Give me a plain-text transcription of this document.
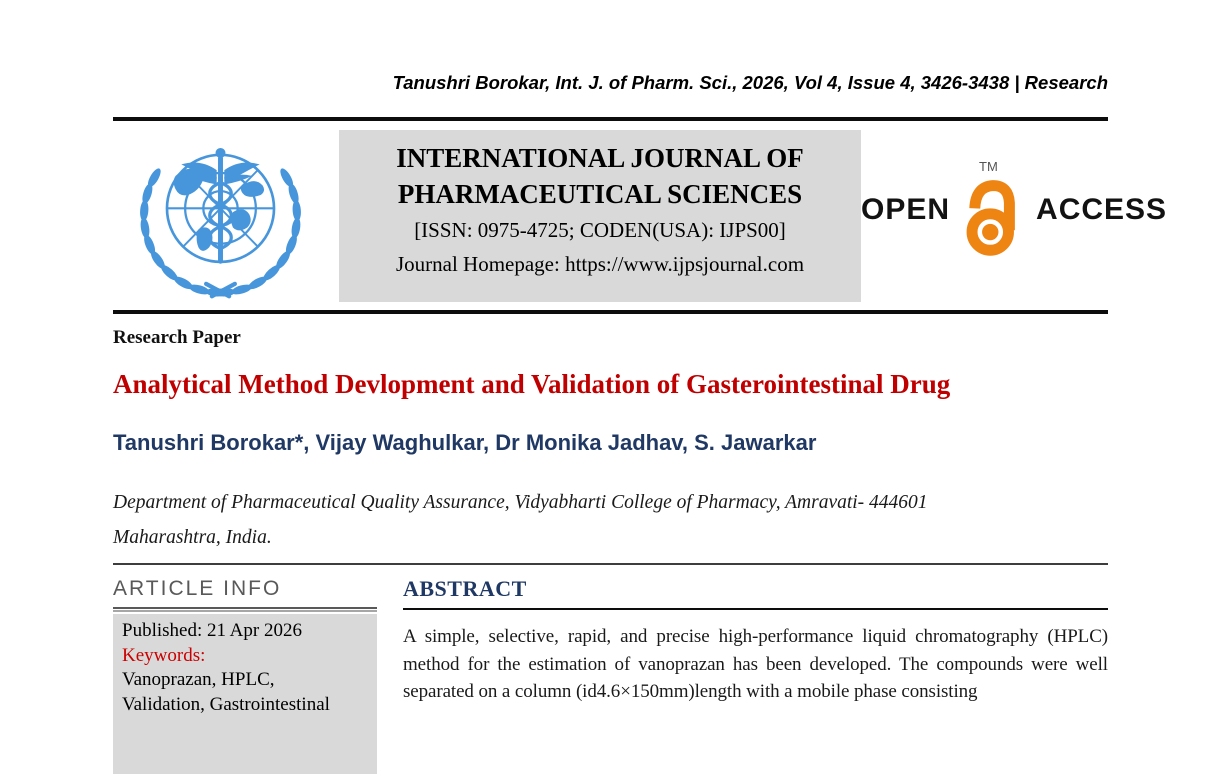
Tanushri Borokar, Int. J. of Pharm. Sci., 2026, Vol 4, Issue 4, 3426-3438 | Research
INTERNATIONAL JOURNAL OF
PHARMACEUTICAL SCIENCES
[ISSN: 0975-4725; CODEN(USA): IJPS00]
Journal Homepage: https://www.ijpsjournal.com
OPEN
TM
ACCESS
Research Paper
Analytical Method Devlopment and Validation of Gasterointestinal Drug
Tanushri Borokar*, Vijay Waghulkar, Dr Monika Jadhav, S. Jawarkar
Department of Pharmaceutical Quality Assurance, Vidyabharti College of Pharmacy, Amravati- 444601
Maharashtra, India.
ARTICLE INFO
Published: 21 Apr 2026
Keywords:
Vanoprazan, HPLC,
Validation, Gastrointestinal
ABSTRACT
A simple, selective, rapid, and precise high-performance liquid chromatography (HPLC) method for the estimation of vanoprazan has been developed. The compounds were well separated on a column (id4.6×150mm)length with a mobile phase consisting
